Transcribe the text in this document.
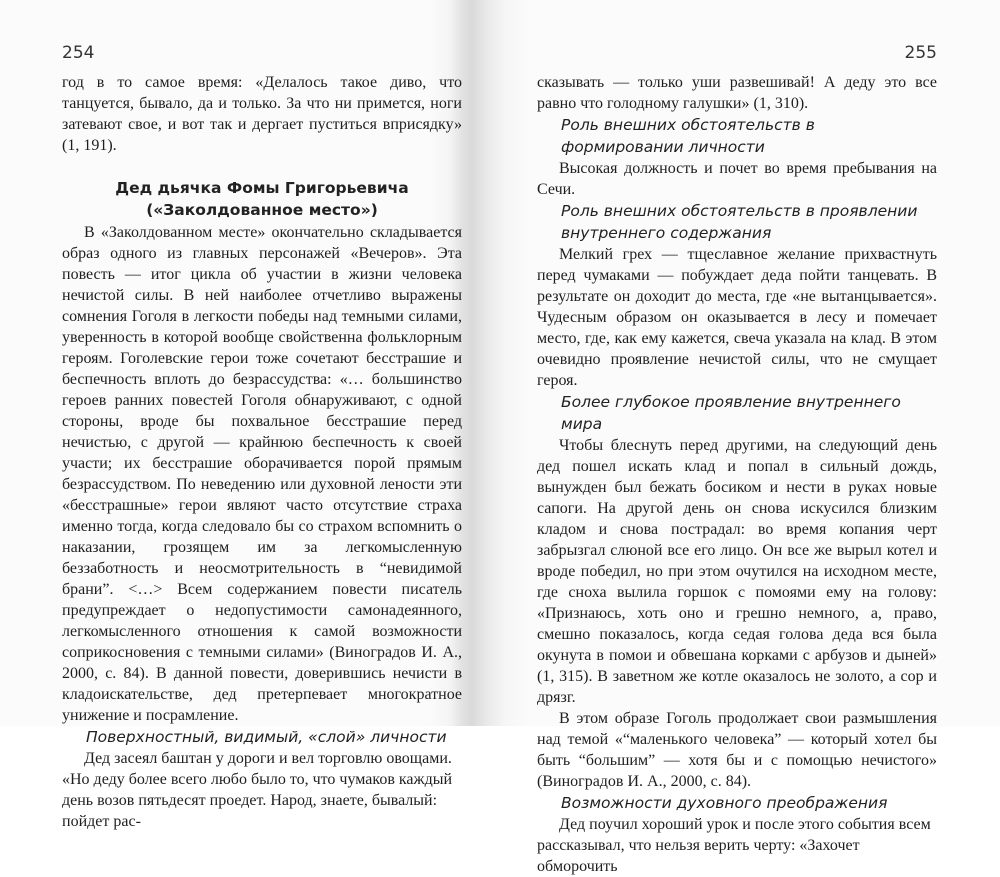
254

год в то самое время: «Делалось такое диво, что танцуется, бывало, да и только. За что ни примется, ноги затевают свое, и вот так и дергает пуститься вприсядку» (1, 191).

Дед дьячка Фомы Григорьевича
(«Заколдованное место»)

В «Заколдованном месте» окончательно складывается образ одного из главных персонажей «Вечеров». Эта повесть — итог цикла об участии в жизни человека нечистой силы. В ней наиболее отчетливо выражены сомнения Гоголя в легкости победы над темными силами, уверенность в которой вообще свойственна фольклорным героям. Гоголевские герои тоже сочетают бесстрашие и беспечность вплоть до безрассудства: «… большинство героев ранних повестей Гоголя обнаруживают, с одной стороны, вроде бы похвальное бесстрашие перед нечистью, с другой — крайнюю беспечность к своей участи; их бесстрашие оборачивается порой прямым безрассудством. По неведению или духовной лености эти «бесстрашные» герои являют часто отсутствие страха именно тогда, когда следовало бы со страхом вспомнить о наказании, грозящем им за легкомысленную беззаботность и неосмотрительность в “невидимой брани”. <…> Всем содержанием повести писатель предупреждает о недопустимости самонадеянного, легкомысленного отношения к самой возможности соприкосновения с темными силами» (Виноградов И. А., 2000, с. 84). В данной повести, доверившись нечисти в кладоискательстве, дед претерпевает многократное унижение и посрамление.

Поверхностный, видимый, «слой» личности

Дед засеял баштан у дороги и вел торговлю овощами. «Но деду более всего любо было то, что чумаков каждый день возов пятьдесят проедет. Народ, знаете, бывалый: пойдет рас-

255

сказывать — только уши развешивай! А деду это все равно что голодному галушки» (1, 310).

Роль внешних обстоятельств в формировании личности

Высокая должность и почет во время пребывания на Сечи.

Роль внешних обстоятельств в проявлении внутреннего содержания

Мелкий грех — тщеславное желание прихвастнуть перед чумаками — побуждает деда пойти танцевать. В результате он доходит до места, где «не вытанцывается». Чудесным образом он оказывается в лесу и помечает место, где, как ему кажется, свеча указала на клад. В этом очевидно проявление нечистой силы, что не смущает героя.

Более глубокое проявление внутреннего мира

Чтобы блеснуть перед другими, на следующий день дед пошел искать клад и попал в сильный дождь, вынужден был бежать босиком и нести в руках новые сапоги. На другой день он снова искусился близким кладом и снова пострадал: во время копания черт забрызгал слюной все его лицо. Он все же вырыл котел и вроде победил, но при этом очутился на исходном месте, где сноха вылила горшок с помоями ему на голову: «Признаюсь, хоть оно и грешно немного, а, право, смешно показалось, когда седая голова деда вся была окунута в помои и обвешана корками с арбузов и дыней» (1, 315). В заветном же котле оказалось не золото, а сор и дрязг.

В этом образе Гоголь продолжает свои размышления над темой «“маленького человека” — который хотел бы быть “большим” — хотя бы и с помощью нечистого» (Виноградов И. А., 2000, с. 84).

Возможности духовного преображения

Дед поучил хороший урок и после этого события всем рассказывал, что нельзя верить черту: «Захочет обморочить
